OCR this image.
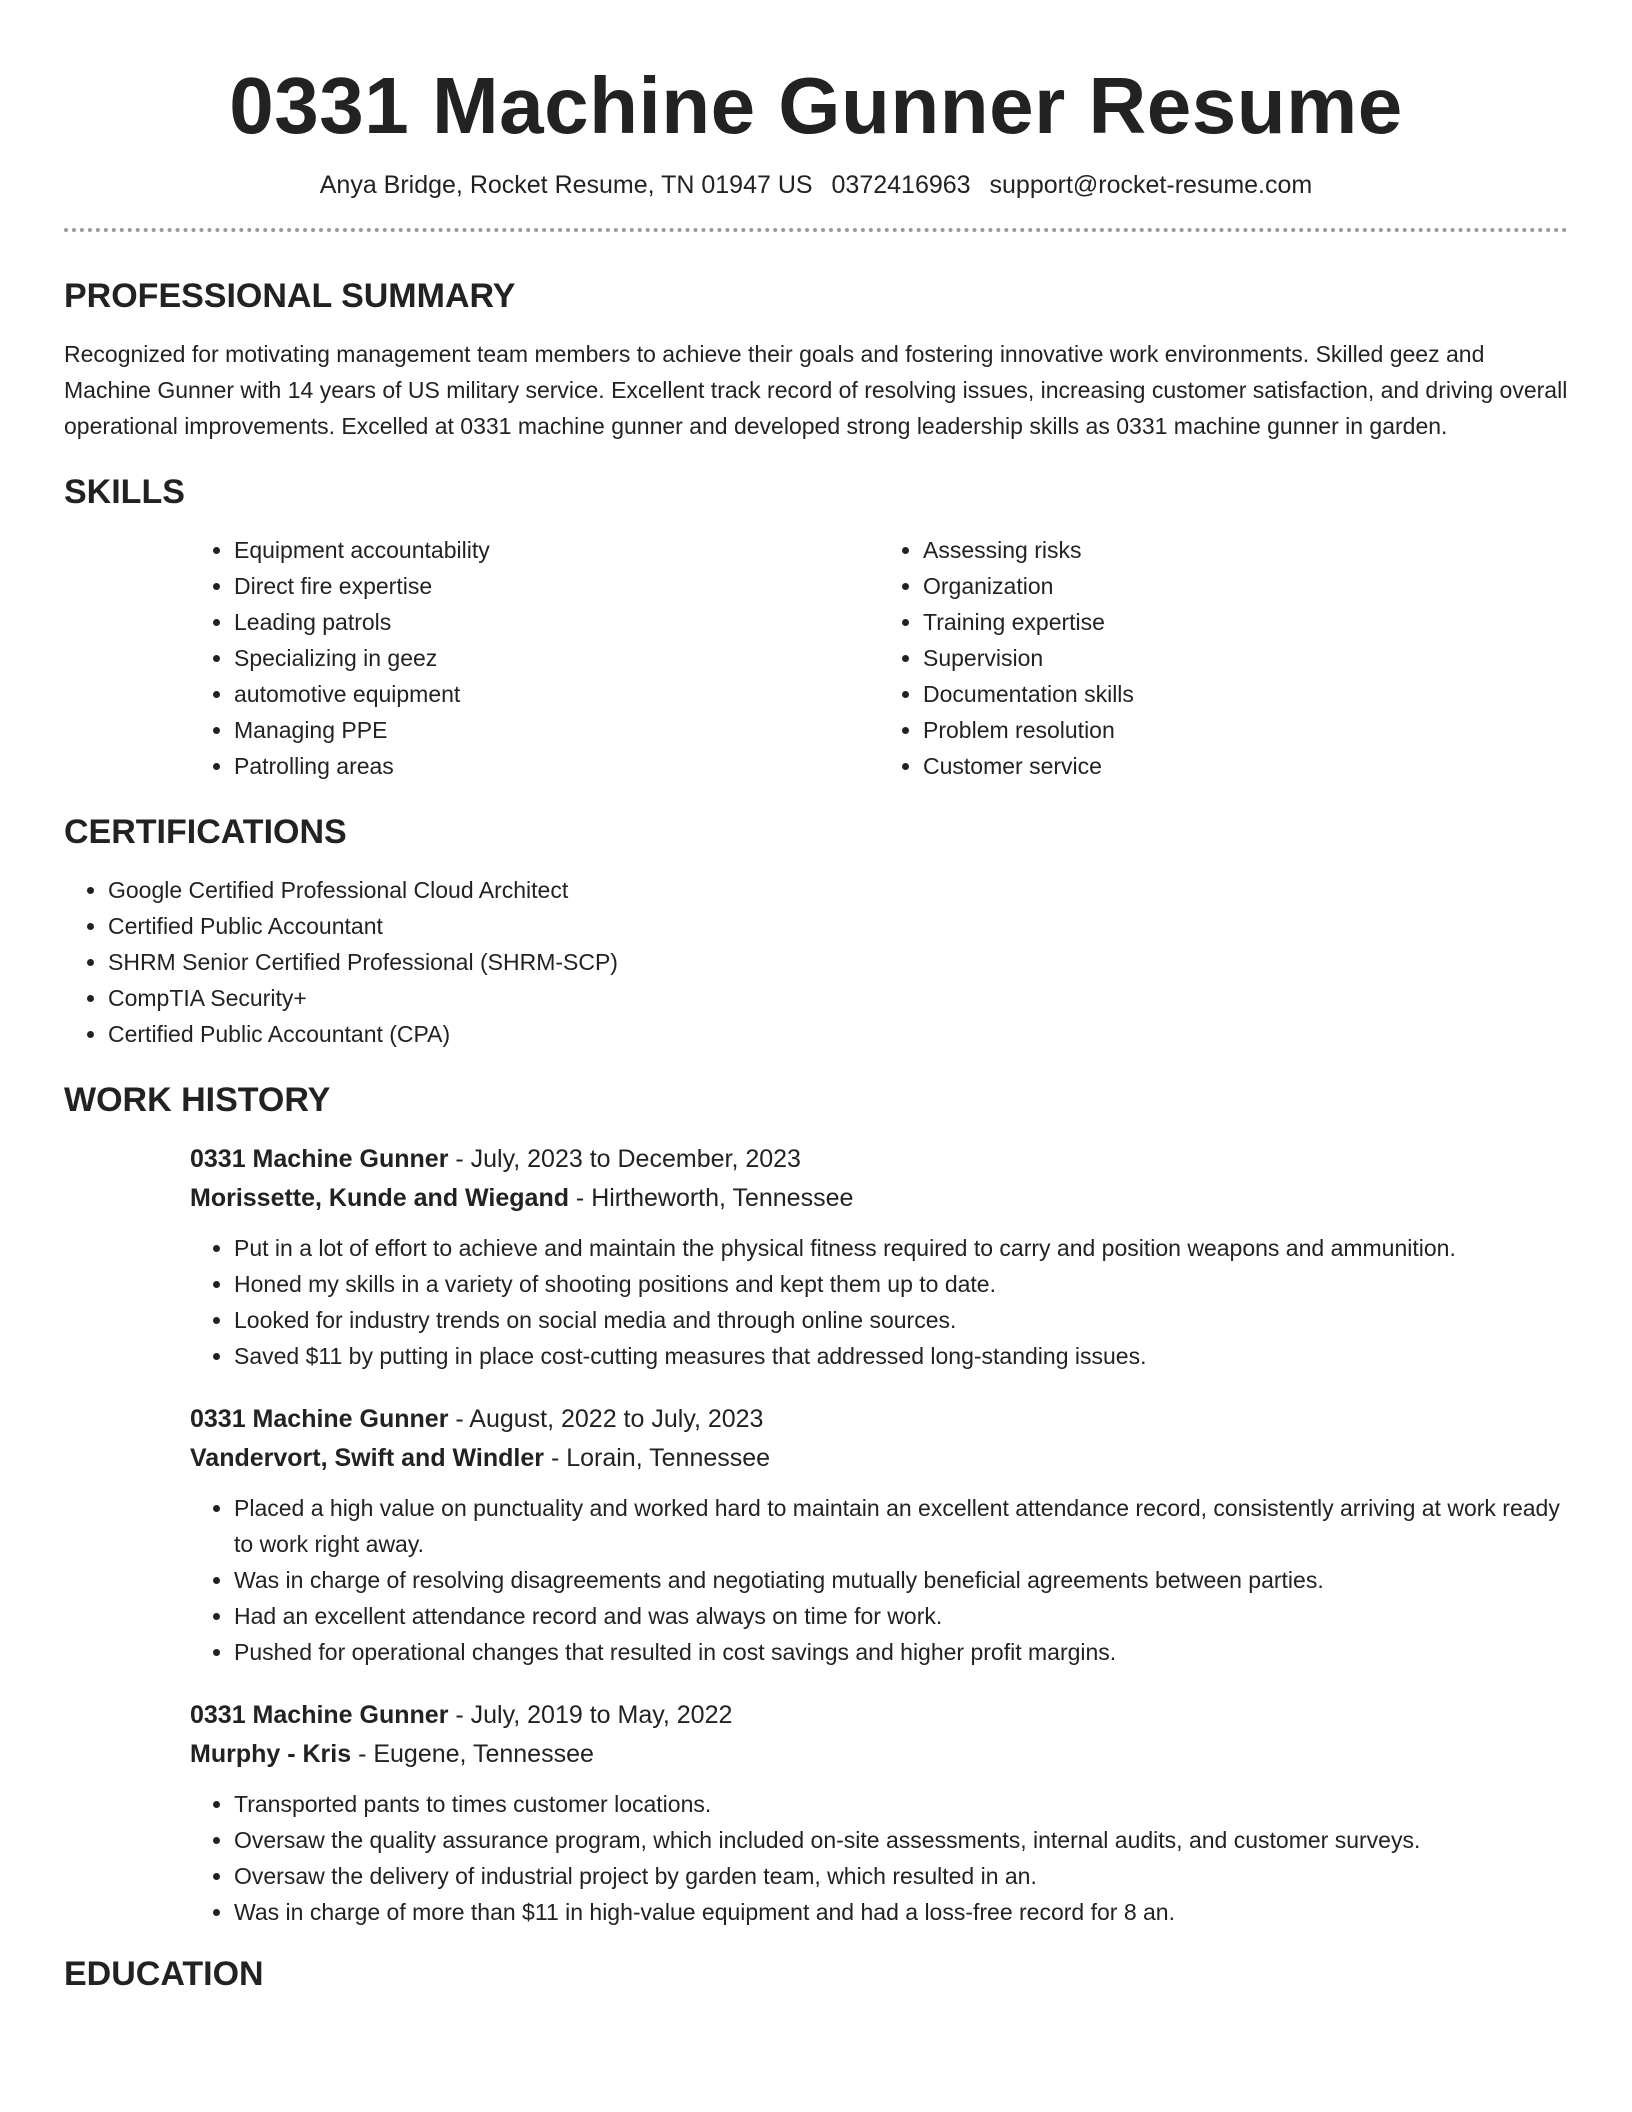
0331 Machine Gunner Resume
Anya Bridge, Rocket Resume, TN 01947 US 0372416963 support@rocket-resume.com
PROFESSIONAL SUMMARY

Recognized for motivating management team members to achieve their goals and fostering innovative work environments. Skilled geez and Machine Gunner with 14 years of US military service. Excellent track record of resolving issues, increasing customer satisfaction, and driving overall operational improvements. Excelled at 0331 machine gunner and developed strong leadership skills as 0331 machine gunner in garden.

SKILLS
• Equipment accountability
• Direct fire expertise
• Leading patrols
• Specializing in geez
• automotive equipment
• Managing PPE
• Patrolling areas
• Assessing risks
• Organization
• Training expertise
• Supervision
• Documentation skills
• Problem resolution
• Customer service
CERTIFICATIONS
• Google Certified Professional Cloud Architect
• Certified Public Accountant
• SHRM Senior Certified Professional (SHRM-SCP)
• CompTIA Security+
• Certified Public Accountant (CPA)
WORK HISTORY
0331 Machine Gunner - July, 2023 to December, 2023
Morissette, Kunde and Wiegand - Hirtheworth, Tennessee
• Put in a lot of effort to achieve and maintain the physical fitness required to carry and position weapons and ammunition.
• Honed my skills in a variety of shooting positions and kept them up to date.
• Looked for industry trends on social media and through online sources.
• Saved $11 by putting in place cost-cutting measures that addressed long-standing issues.
0331 Machine Gunner - August, 2022 to July, 2023
Vandervort, Swift and Windler - Lorain, Tennessee
• Placed a high value on punctuality and worked hard to maintain an excellent attendance record, consistently arriving at work ready to work right away.
• Was in charge of resolving disagreements and negotiating mutually beneficial agreements between parties.
• Had an excellent attendance record and was always on time for work.
• Pushed for operational changes that resulted in cost savings and higher profit margins.
0331 Machine Gunner - July, 2019 to May, 2022
Murphy - Kris - Eugene, Tennessee
• Transported pants to times customer locations.
• Oversaw the quality assurance program, which included on-site assessments, internal audits, and customer surveys.
• Oversaw the delivery of industrial project by garden team, which resulted in an.
• Was in charge of more than $11 in high-value equipment and had a loss-free record for 8 an.
EDUCATION
